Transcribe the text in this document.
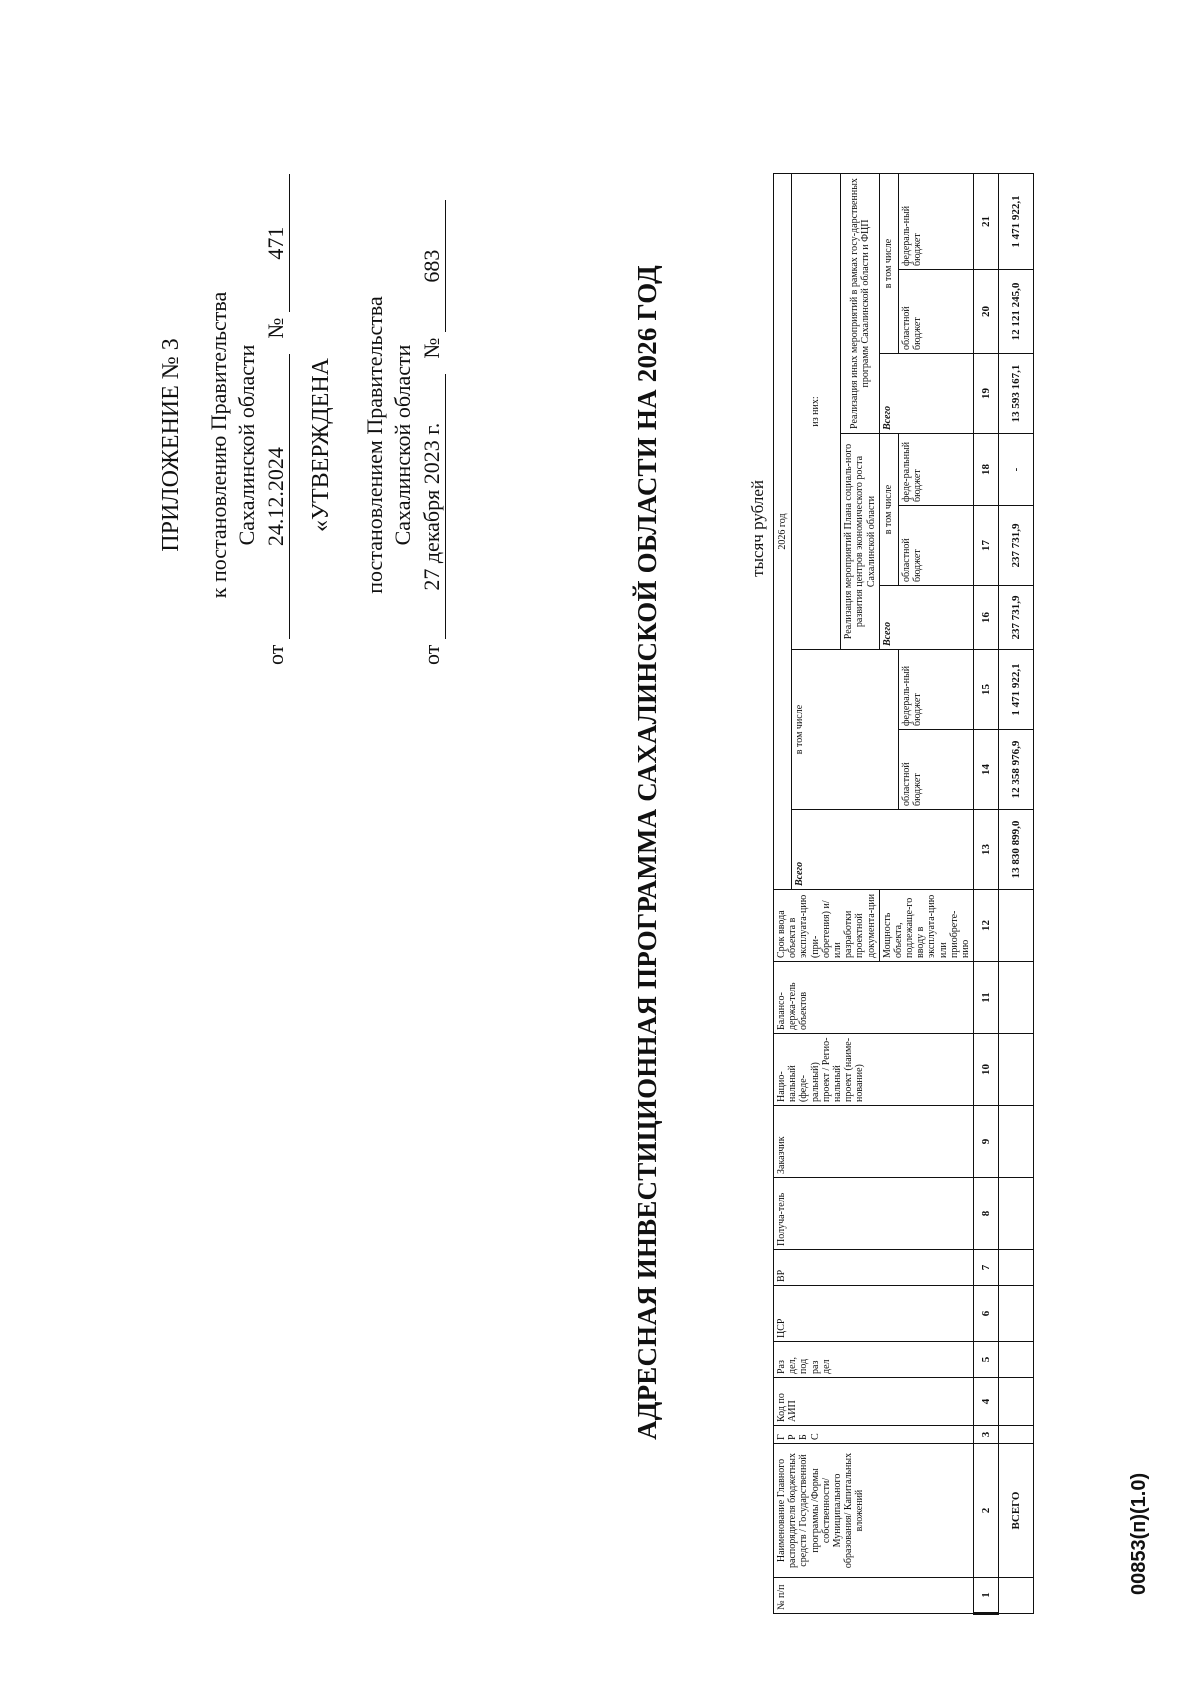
ПРИЛОЖЕНИЕ № 3 к постановлению Правительства Сахалинской области
от 24.12.2024 № 471
«УТВЕРЖДЕНА постановлением Правительства Сахалинской области
от 27 декабря 2023 г. № 683	АДРЕСНАЯ ИНВЕСТИЦИОННАЯ ПРОГРАММА САХАЛИНСКОЙ ОБЛАСТИ НА 2026 ГОД	тысяч рублей
№ п/п	Наименование Главного распорядителя бюджетных средств / Государственной программы /Формы собственности/ Муниципального образования/ Капитальных вложений	Г Р Б С	Код по АИП	Раз дел, под раз дел	ЦСР	ВР	Получа-тель	Заказчик	Нацио-нальный (феде-ральный) проект / Регио-нальный проект (наиме-нование)	Балансо-держа-тель объектов	Срок ввода объекта в эксплуата-цию (при-обретения) и/или разработки проектной документа-ции	2026 год								
												Всего	в том числе		из них:					
															Реализация мероприятий Плана социаль-ного развития центров экономического роста Сахалинской области			Реализация иных мероприятий в рамках госу-дарственных программ Сахалинской области и ФЦП		
											Мощность объекта, подлежаще-го вводу в эксплуата-цию или приобрете-нию				Всего	в том числе		Всего	в том числе	
													областной бюджет	федераль-ный бюджет		областной бюджет	феде-ральный бюджет		областной бюджет	федераль-ный бюджет
1	2	3	4	5	6	7	8	9	10	11	12	13	14	15	16	17	18	19	20	21
	ВСЕГО											13 830 899,0	12 358 976,9	1 471 922,1	237 731,9	237 731,9	-	13 593 167,1	12 121 245,0	1 471 922,1
00853(п)(1.0)
